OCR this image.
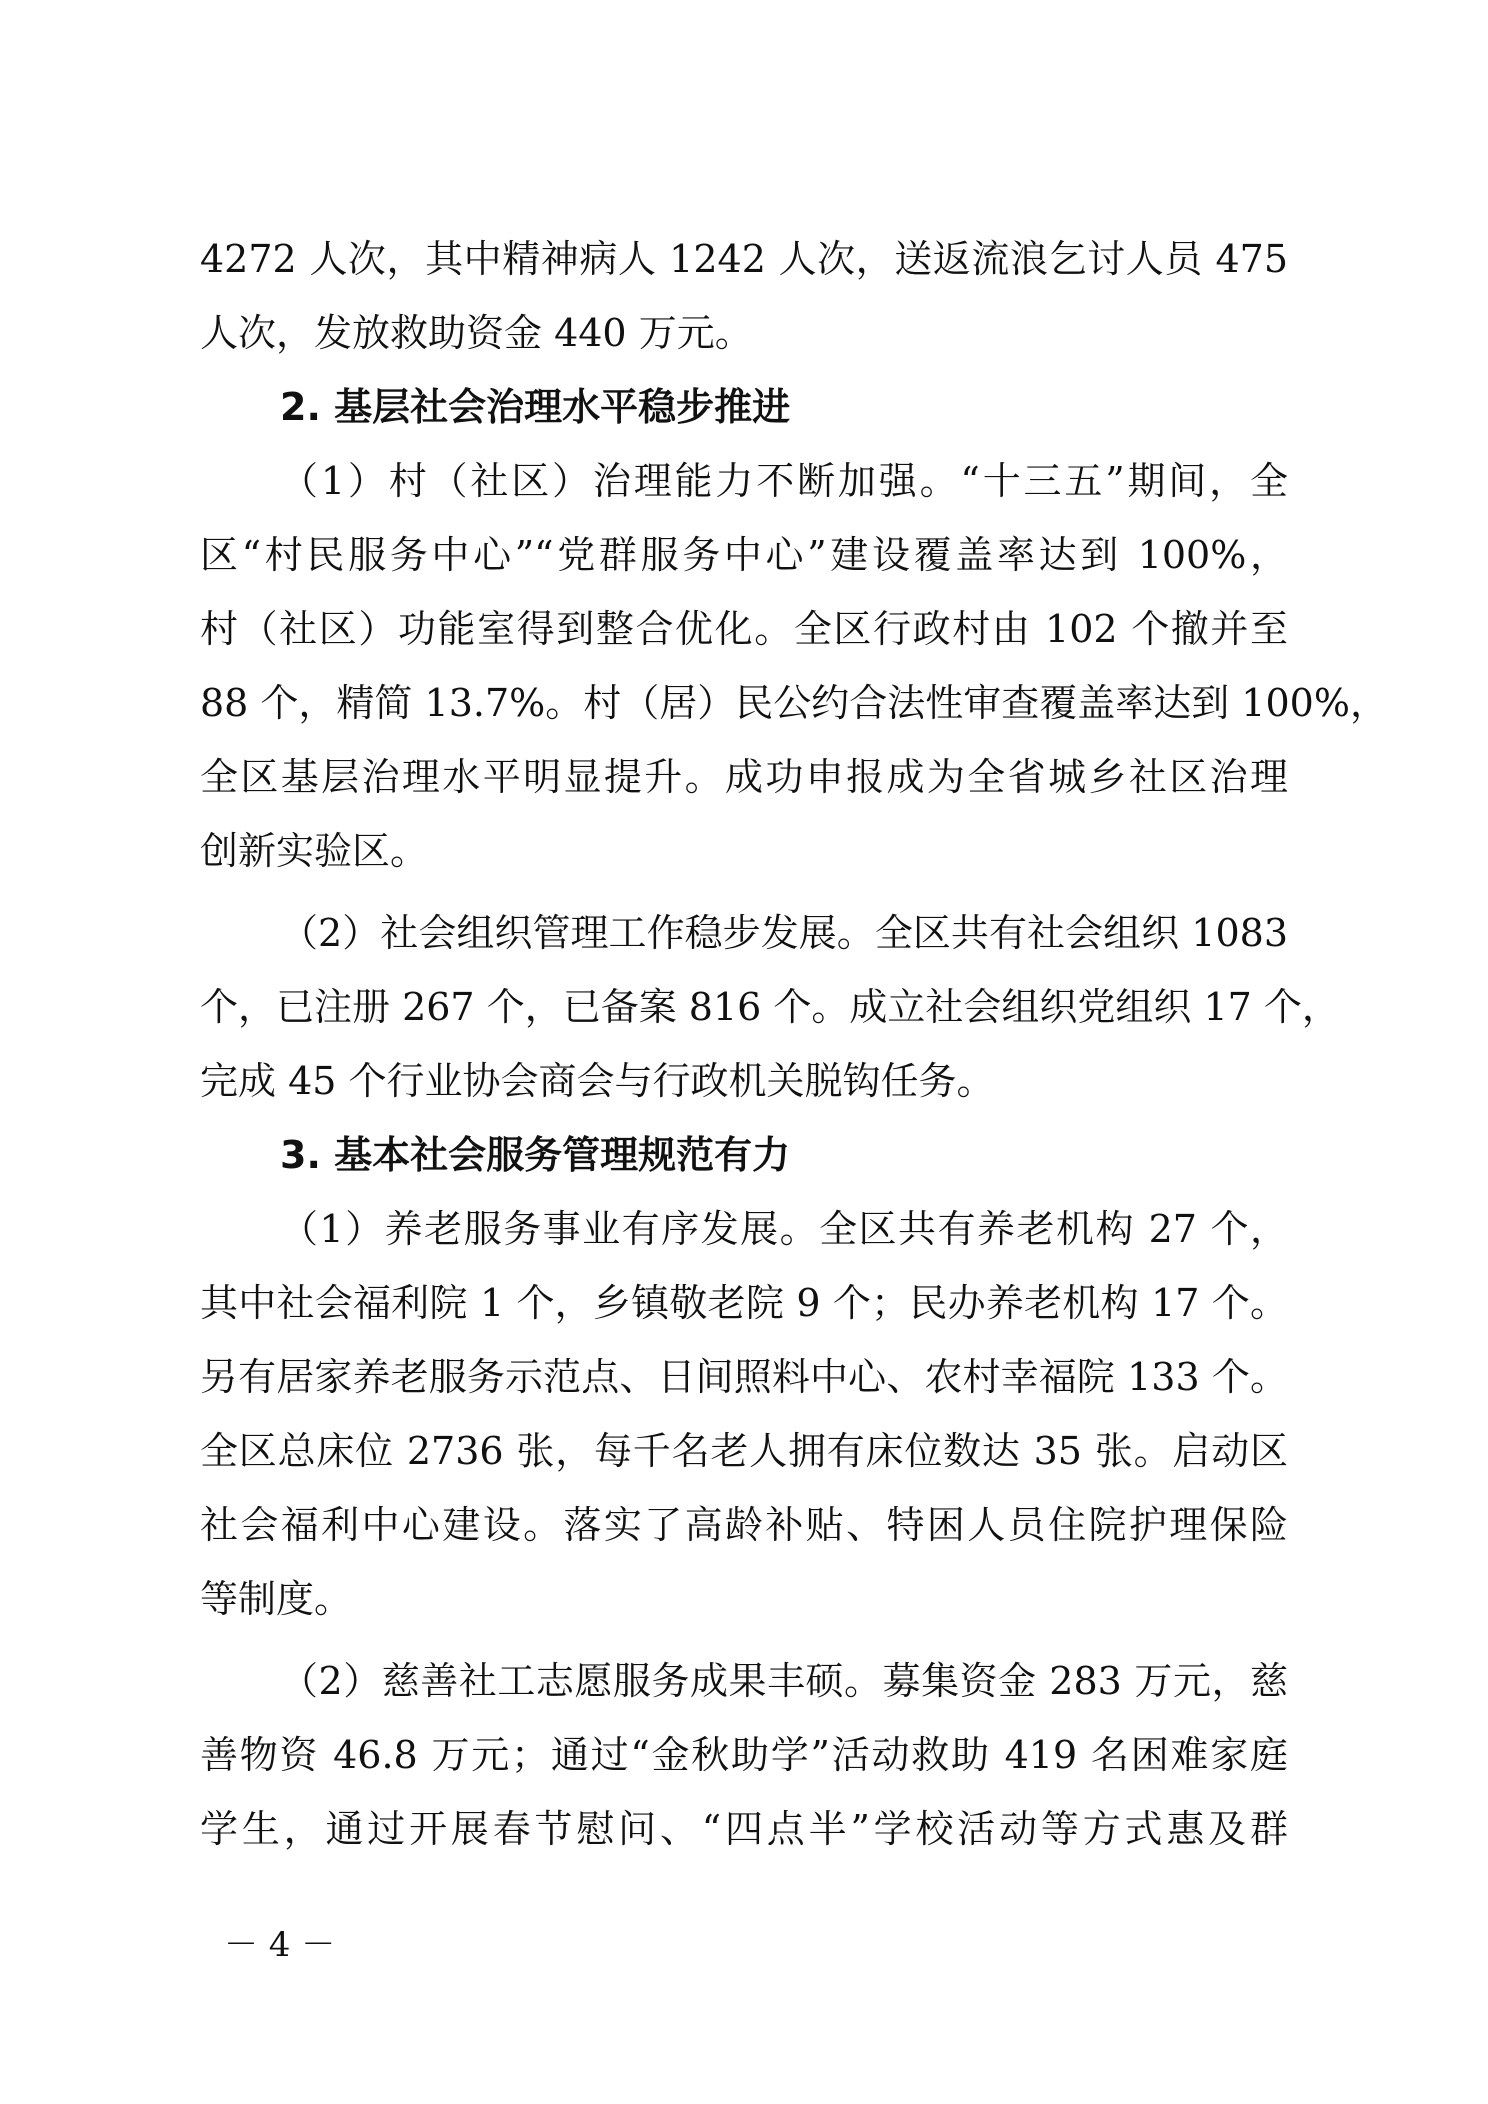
4272 人次，其中精神病人 1242 人次，送返流浪乞讨人员 475
人次，发放救助资金 440 万元。
2. 基层社会治理水平稳步推进
（1）村（社区）治理能力不断加强。“十三五”期间，全
区“村民服务中心”“党群服务中心”建设覆盖率达到 100%，
村（社区）功能室得到整合优化。全区行政村由 102 个撤并至
88 个，精简 13.7%。村（居）民公约合法性审查覆盖率达到 100%，
全区基层治理水平明显提升。成功申报成为全省城乡社区治理
创新实验区。
（2）社会组织管理工作稳步发展。全区共有社会组织 1083
个，已注册 267 个，已备案 816 个。成立社会组织党组织 17 个，
完成 45 个行业协会商会与行政机关脱钩任务。
3. 基本社会服务管理规范有力
（1）养老服务事业有序发展。全区共有养老机构 27 个，
其中社会福利院 1 个，乡镇敬老院 9 个；民办养老机构 17 个。
另有居家养老服务示范点、日间照料中心、农村幸福院 133 个。
全区总床位 2736 张，每千名老人拥有床位数达 35 张。启动区
社会福利中心建设。落实了高龄补贴、特困人员住院护理保险
等制度。
（2）慈善社工志愿服务成果丰硕。募集资金 283 万元，慈
善物资 46.8 万元；通过“金秋助学”活动救助 419 名困难家庭
学生，通过开展春节慰问、“四点半”学校活动等方式惠及群
－ 4 －
